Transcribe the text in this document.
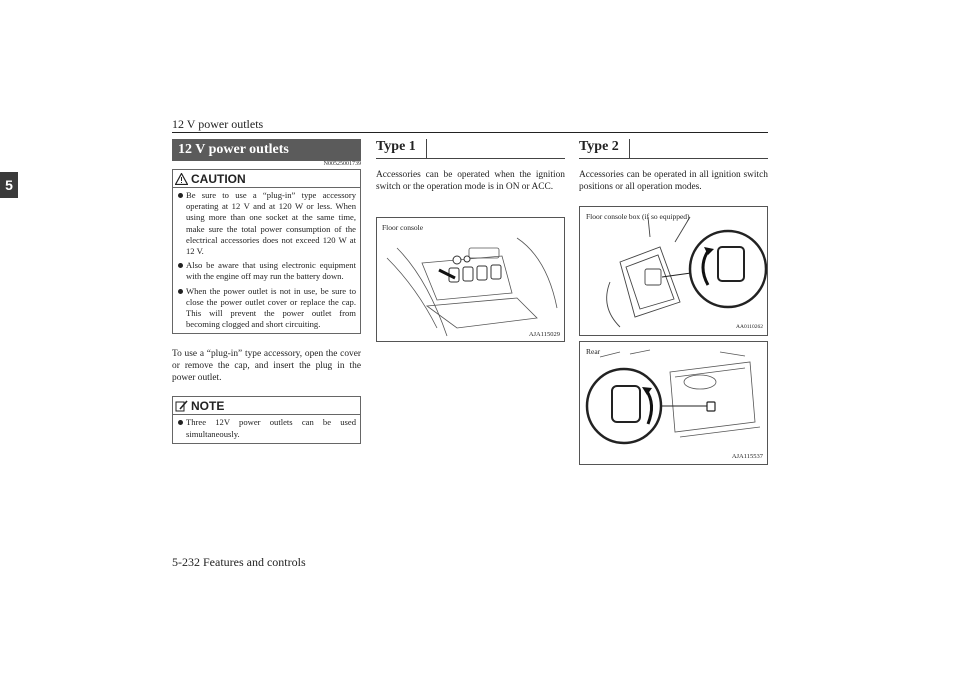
12 V power outlets
5
5-232 Features and controls
12 V power outlets
N00525001739
CAUTION
Be sure to use a “plug-in” type accessory operating at 12 V and at 120 W or less. When using more than one socket at the same time, make sure the total power consumption of the electrical accessories does not exceed 120 W at 12 V.
Also be aware that using electronic equipment with the engine off may run the battery down.
When the power outlet is not in use, be sure to close the power outlet cover or replace the cap. This will prevent the power outlet from becoming clogged and short circuiting.
To use a “plug-in” type accessory, open the cover or remove the cap, and insert the plug in the power outlet.
NOTE
Three 12V power outlets can be used simultaneously.
Type 1
Accessories can be operated when the ignition switch or the operation mode is in ON or ACC.
Floor console
AJA115029
Type 2
Accessories can be operated in all ignition switch positions or all operation modes.
Floor console box (if so equipped)
AA0110262
Rear
AJA115537
